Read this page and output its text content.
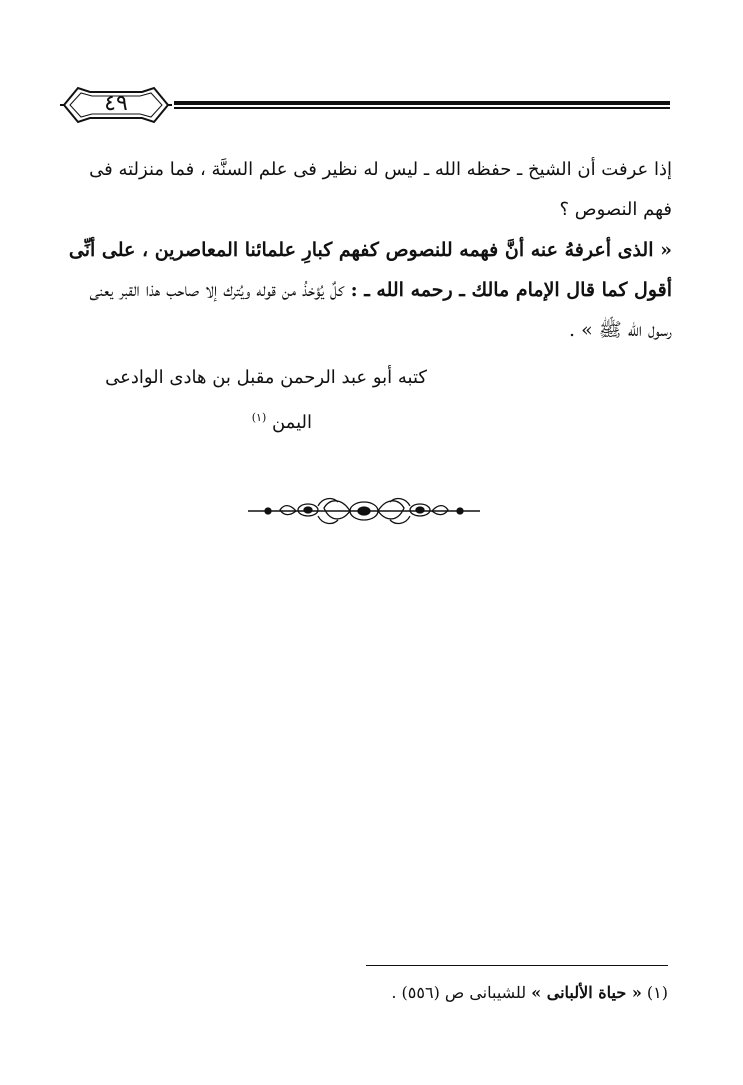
٤٩

إذا عرفت أن الشيخ ـ حفظه الله ـ ليس له نظير فى علم السنَّة ، فما منزلته فى فهم النصوص ؟

« الذى أعرفهُ عنه أنَّ فهمه للنصوص كفهم كبارِ علمائنا المعاصرين ، على أنِّى أقول كما قال الإمام مالك ـ رحمه الله ـ : كلٌ يُؤخذُ من قوله ويُترك إلا صاحب هذا القبر يعنى رسول الله ﷺ » .

كتبه أبو عبد الرحمن مقبل بن هادى الوادعى

اليمن $^{(١)}$

(١) « حياة الألبانى » للشيبانى ص (٥٥٦) .
